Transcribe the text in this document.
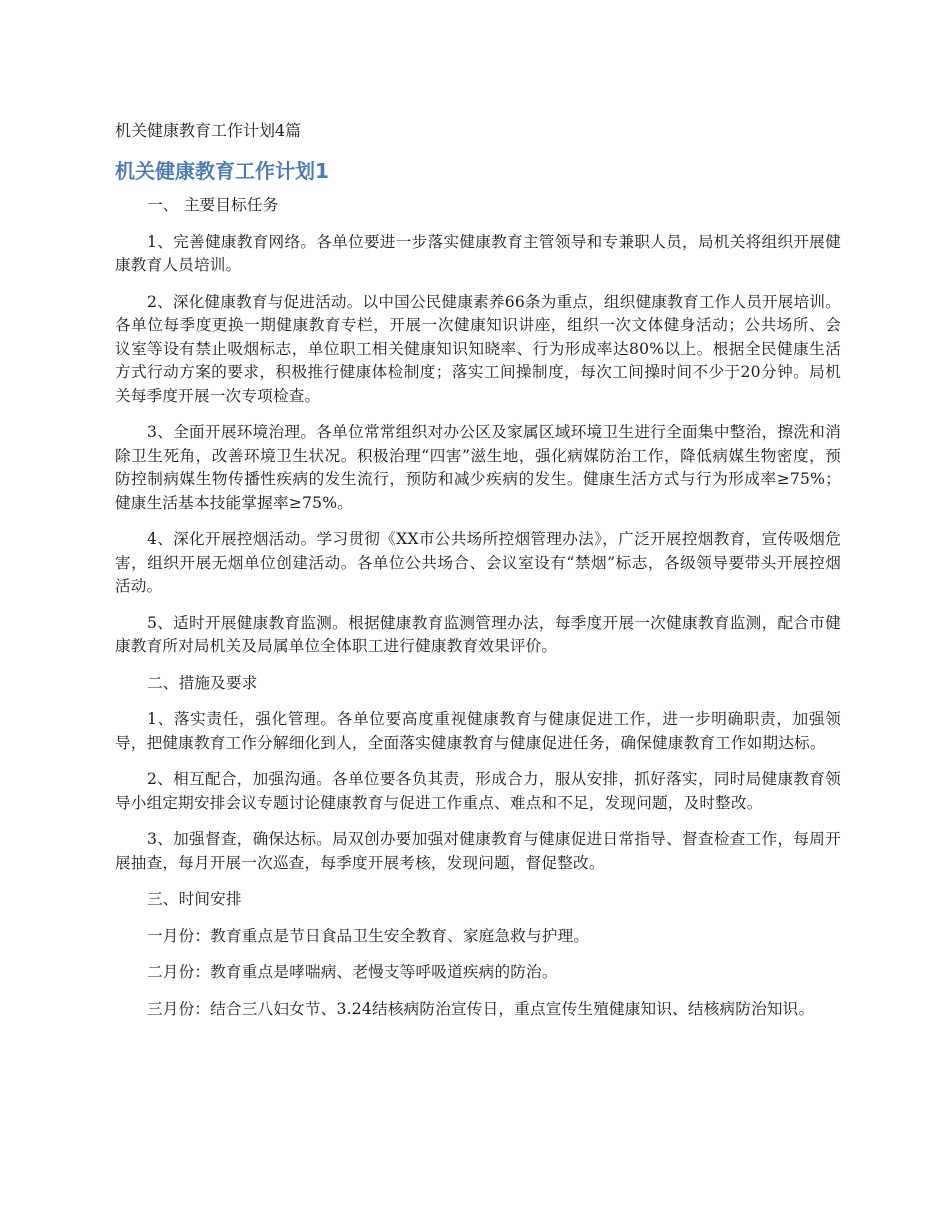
机关健康教育工作计划4篇
机关健康教育工作计划1

一、 主要目标任务

1、完善健康教育网络。各单位要进一步落实健康教育主管领导和专兼职人员，局机关将组织开展健康教育人员培训。

2、深化健康教育与促进活动。以中国公民健康素养66条为重点，组织健康教育工作人员开展培训。各单位每季度更换一期健康教育专栏，开展一次健康知识讲座，组织一次文体健身活动；公共场所、会议室等设有禁止吸烟标志，单位职工相关健康知识知晓率、行为形成率达80%以上。根据全民健康生活方式行动方案的要求，积极推行健康体检制度；落实工间操制度，每次工间操时间不少于20分钟。局机关每季度开展一次专项检查。

3、全面开展环境治理。各单位常常组织对办公区及家属区域环境卫生进行全面集中整治，擦洗和消除卫生死角，改善环境卫生状况。积极治理“四害”滋生地，强化病媒防治工作，降低病媒生物密度，预防控制病媒生物传播性疾病的发生流行，预防和减少疾病的发生。健康生活方式与行为形成率≥75%；健康生活基本技能掌握率≥75%。

4、深化开展控烟活动。学习贯彻《XX市公共场所控烟管理办法》，广泛开展控烟教育，宣传吸烟危害，组织开展无烟单位创建活动。各单位公共场合、会议室设有“禁烟”标志，各级领导要带头开展控烟活动。

5、适时开展健康教育监测。根据健康教育监测管理办法，每季度开展一次健康教育监测，配合市健康教育所对局机关及局属单位全体职工进行健康教育效果评价。

二、措施及要求

1、落实责任，强化管理。各单位要高度重视健康教育与健康促进工作，进一步明确职责，加强领导，把健康教育工作分解细化到人，全面落实健康教育与健康促进任务，确保健康教育工作如期达标。

2、相互配合，加强沟通。各单位要各负其责，形成合力，服从安排，抓好落实，同时局健康教育领导小组定期安排会议专题讨论健康教育与促进工作重点、难点和不足，发现问题，及时整改。

3、加强督查，确保达标。局双创办要加强对健康教育与健康促进日常指导、督查检查工作，每周开展抽查，每月开展一次巡查，每季度开展考核，发现问题，督促整改。

三、时间安排

一月份：教育重点是节日食品卫生安全教育、家庭急救与护理。

二月份：教育重点是哮喘病、老慢支等呼吸道疾病的防治。

三月份：结合三八妇女节、3.24结核病防治宣传日，重点宣传生殖健康知识、结核病防治知识。
